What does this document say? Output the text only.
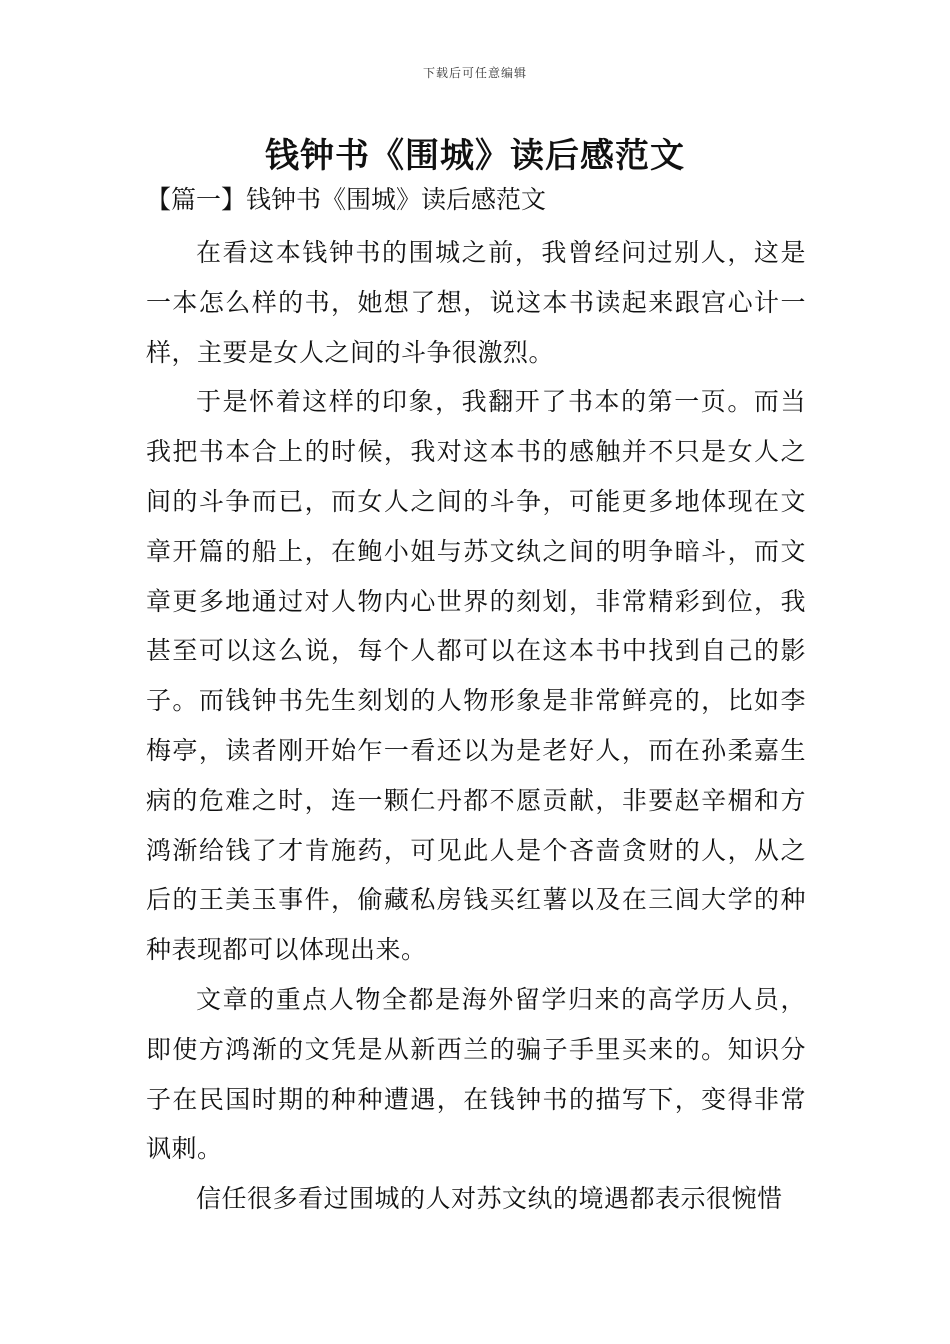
下载后可任意编辑
钱钟书《围城》读后感范文
【篇一】钱钟书《围城》读后感范文

在看这本钱钟书的围城之前，我曾经问过别人，这是一本怎么样的书，她想了想，说这本书读起来跟宫心计一样，主要是女人之间的斗争很激烈。

于是怀着这样的印象，我翻开了书本的第一页。而当我把书本合上的时候，我对这本书的感触并不只是女人之间的斗争而已，而女人之间的斗争，可能更多地体现在文章开篇的船上，在鲍小姐与苏文纨之间的明争暗斗，而文章更多地通过对人物内心世界的刻划，非常精彩到位，我甚至可以这么说，每个人都可以在这本书中找到自己的影子。而钱钟书先生刻划的人物形象是非常鲜亮的，比如李梅亭，读者刚开始乍一看还以为是老好人，而在孙柔嘉生病的危难之时，连一颗仁丹都不愿贡献，非要赵辛楣和方鸿渐给钱了才肯施药，可见此人是个吝啬贪财的人，从之后的王美玉事件，偷藏私房钱买红薯以及在三闾大学的种种表现都可以体现出来。

文章的重点人物全都是海外留学归来的高学历人员，即使方鸿渐的文凭是从新西兰的骗子手里买来的。知识分子在民国时期的种种遭遇，在钱钟书的描写下，变得非常讽刺。

信任很多看过围城的人对苏文纨的境遇都表示很惋惜
